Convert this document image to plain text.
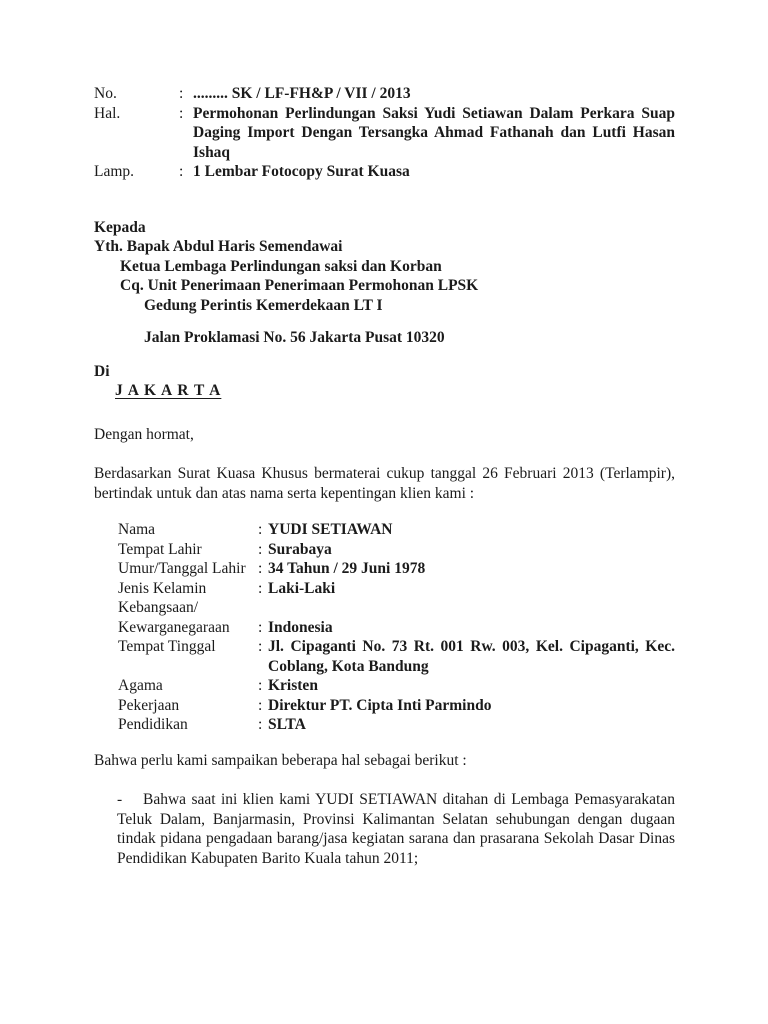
No.	: ......... SK / LF-FH&P / VII / 2013
Hal.	: Permohonan Perlindungan Saksi Yudi Setiawan Dalam Perkara Suap Daging Import Dengan Tersangka Ahmad Fathanah dan Lutfi Hasan Ishaq
Lamp.	: 1 Lembar Fotocopy Surat Kuasa
Kepada
Yth. Bapak Abdul Haris Semendawai
Ketua Lembaga Perlindungan saksi dan Korban
Cq. Unit Penerimaan Penerimaan Permohonan LPSK
Gedung Perintis Kemerdekaan LT I
Jalan Proklamasi No. 56 Jakarta Pusat 10320
Di
J A K A R T A
Dengan hormat,
Berdasarkan Surat Kuasa Khusus bermaterai cukup tanggal 26 Februari 2013 (Terlampir), bertindak untuk dan atas nama serta kepentingan klien kami :
Nama	: YUDI SETIAWAN
Tempat Lahir	: Surabaya
Umur/Tanggal Lahir : 34 Tahun / 29 Juni 1978
Jenis Kelamin	: Laki-Laki
Kebangsaan/
Kewarganegaraan	: Indonesia
Tempat Tinggal	: Jl. Cipaganti No. 73 Rt. 001 Rw. 003, Kel. Cipaganti, Kec. Coblang, Kota Bandung
Agama	: Kristen
Pekerjaan	: Direktur PT. Cipta Inti Parmindo
Pendidikan	: SLTA
Bahwa perlu kami sampaikan beberapa hal sebagai berikut :
- Bahwa saat ini klien kami YUDI SETIAWAN ditahan di Lembaga Pemasyarakatan Teluk Dalam, Banjarmasin, Provinsi Kalimantan Selatan sehubungan dengan dugaan tindak pidana pengadaan barang/jasa kegiatan sarana dan prasarana Sekolah Dasar Dinas Pendidikan Kabupaten Barito Kuala tahun 2011;
